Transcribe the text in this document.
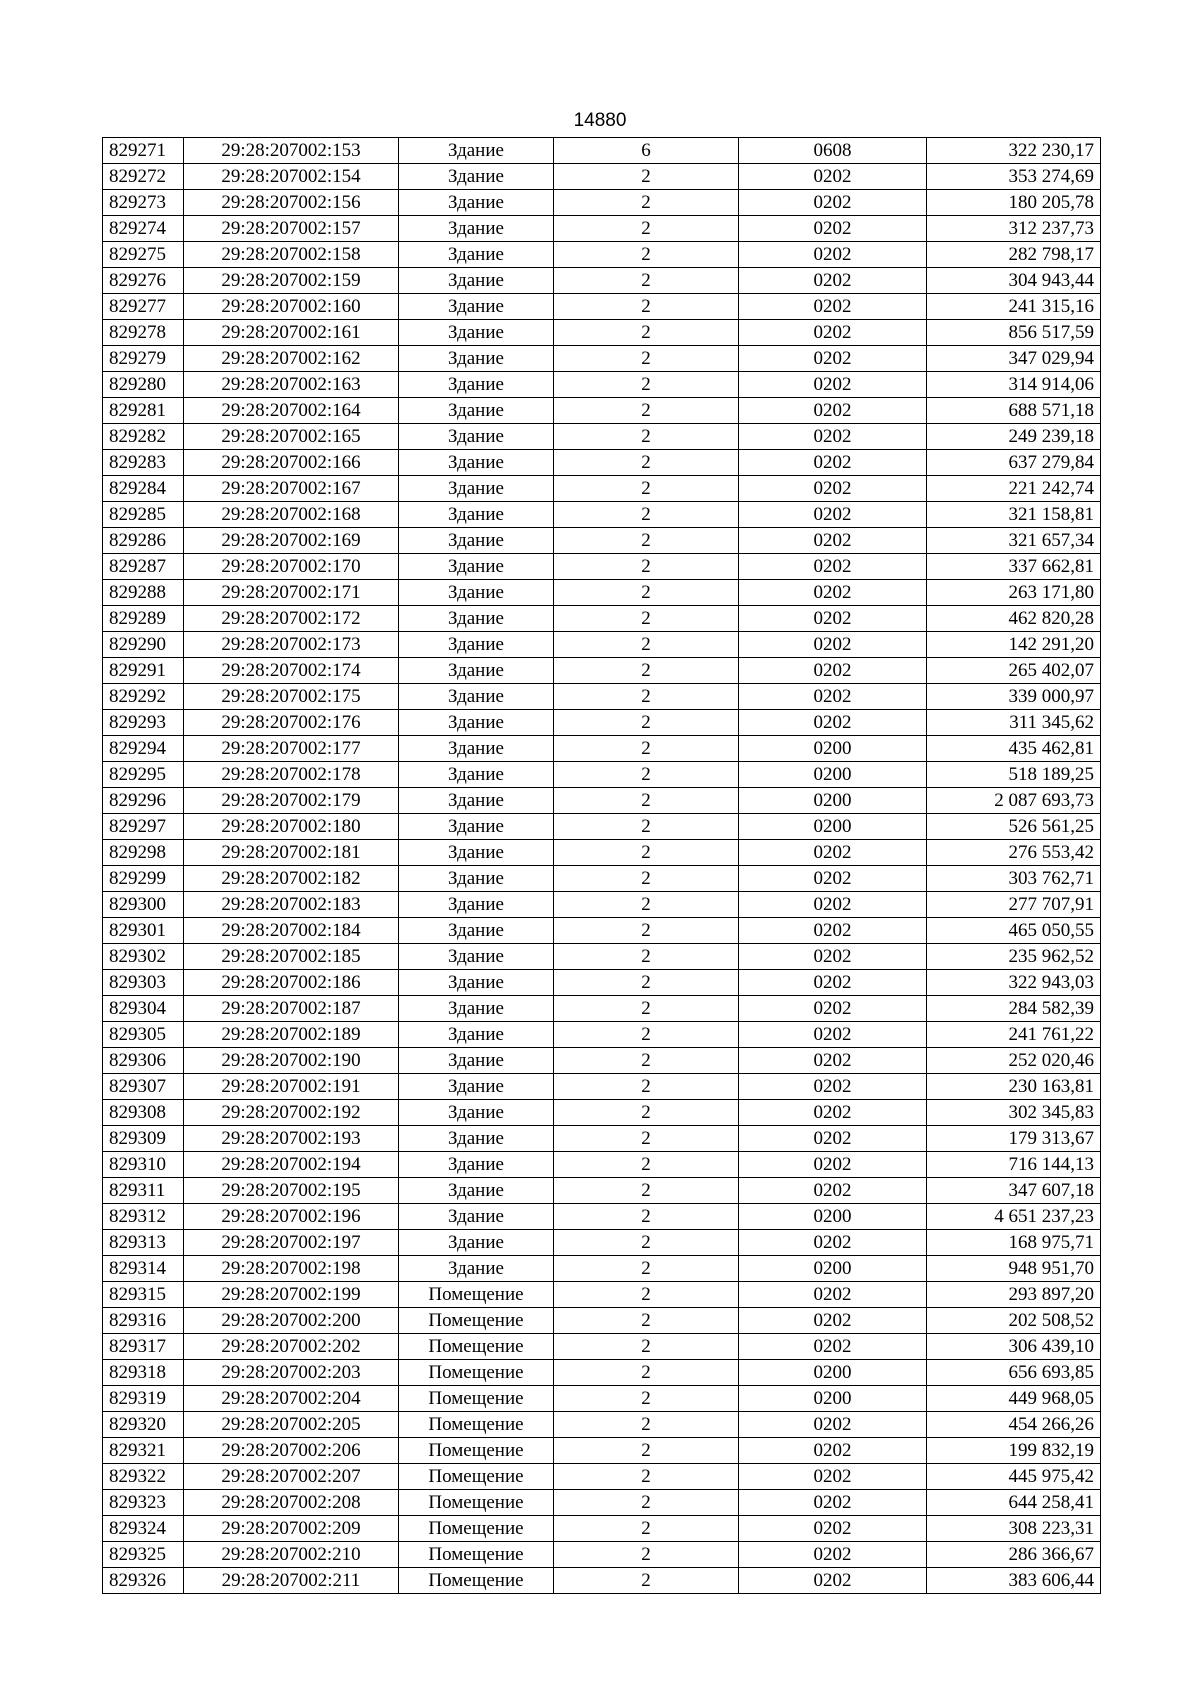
14880
829271	29:28:207002:153	Здание	6	0608	322 230,17
829272	29:28:207002:154	Здание	2	0202	353 274,69
829273	29:28:207002:156	Здание	2	0202	180 205,78
829274	29:28:207002:157	Здание	2	0202	312 237,73
829275	29:28:207002:158	Здание	2	0202	282 798,17
829276	29:28:207002:159	Здание	2	0202	304 943,44
829277	29:28:207002:160	Здание	2	0202	241 315,16
829278	29:28:207002:161	Здание	2	0202	856 517,59
829279	29:28:207002:162	Здание	2	0202	347 029,94
829280	29:28:207002:163	Здание	2	0202	314 914,06
829281	29:28:207002:164	Здание	2	0202	688 571,18
829282	29:28:207002:165	Здание	2	0202	249 239,18
829283	29:28:207002:166	Здание	2	0202	637 279,84
829284	29:28:207002:167	Здание	2	0202	221 242,74
829285	29:28:207002:168	Здание	2	0202	321 158,81
829286	29:28:207002:169	Здание	2	0202	321 657,34
829287	29:28:207002:170	Здание	2	0202	337 662,81
829288	29:28:207002:171	Здание	2	0202	263 171,80
829289	29:28:207002:172	Здание	2	0202	462 820,28
829290	29:28:207002:173	Здание	2	0202	142 291,20
829291	29:28:207002:174	Здание	2	0202	265 402,07
829292	29:28:207002:175	Здание	2	0202	339 000,97
829293	29:28:207002:176	Здание	2	0202	311 345,62
829294	29:28:207002:177	Здание	2	0200	435 462,81
829295	29:28:207002:178	Здание	2	0200	518 189,25
829296	29:28:207002:179	Здание	2	0200	2 087 693,73
829297	29:28:207002:180	Здание	2	0200	526 561,25
829298	29:28:207002:181	Здание	2	0202	276 553,42
829299	29:28:207002:182	Здание	2	0202	303 762,71
829300	29:28:207002:183	Здание	2	0202	277 707,91
829301	29:28:207002:184	Здание	2	0202	465 050,55
829302	29:28:207002:185	Здание	2	0202	235 962,52
829303	29:28:207002:186	Здание	2	0202	322 943,03
829304	29:28:207002:187	Здание	2	0202	284 582,39
829305	29:28:207002:189	Здание	2	0202	241 761,22
829306	29:28:207002:190	Здание	2	0202	252 020,46
829307	29:28:207002:191	Здание	2	0202	230 163,81
829308	29:28:207002:192	Здание	2	0202	302 345,83
829309	29:28:207002:193	Здание	2	0202	179 313,67
829310	29:28:207002:194	Здание	2	0202	716 144,13
829311	29:28:207002:195	Здание	2	0202	347 607,18
829312	29:28:207002:196	Здание	2	0200	4 651 237,23
829313	29:28:207002:197	Здание	2	0202	168 975,71
829314	29:28:207002:198	Здание	2	0200	948 951,70
829315	29:28:207002:199	Помещение	2	0202	293 897,20
829316	29:28:207002:200	Помещение	2	0202	202 508,52
829317	29:28:207002:202	Помещение	2	0202	306 439,10
829318	29:28:207002:203	Помещение	2	0200	656 693,85
829319	29:28:207002:204	Помещение	2	0200	449 968,05
829320	29:28:207002:205	Помещение	2	0202	454 266,26
829321	29:28:207002:206	Помещение	2	0202	199 832,19
829322	29:28:207002:207	Помещение	2	0202	445 975,42
829323	29:28:207002:208	Помещение	2	0202	644 258,41
829324	29:28:207002:209	Помещение	2	0202	308 223,31
829325	29:28:207002:210	Помещение	2	0202	286 366,67
829326	29:28:207002:211	Помещение	2	0202	383 606,44
